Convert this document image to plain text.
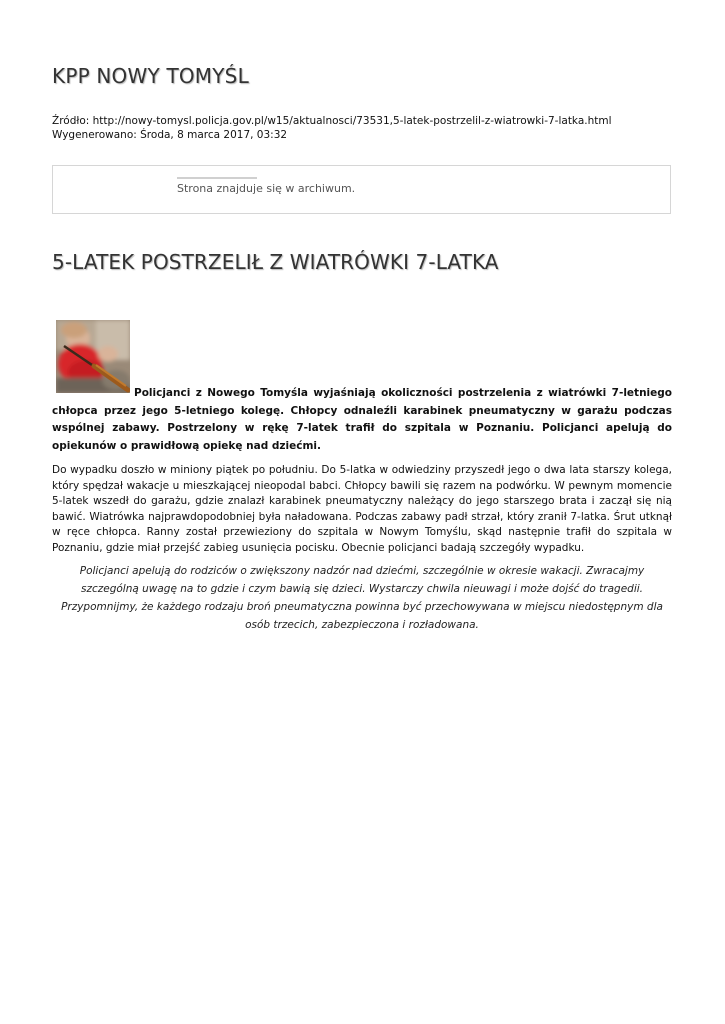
KPP NOWY TOMYŚL
Źródło: http://nowy-tomysl.policja.gov.pl/w15/aktualnosci/73531,5-latek-postrzelil-z-wiatrowki-7-latka.html
Wygenerowano: Środa, 8 marca 2017, 03:32
Strona znajduje się w archiwum.
5-LATEK POSTRZELIŁ Z WIATRÓWKI 7-LATKA

Policjanci z Nowego Tomyśla wyjaśniają okoliczności postrzelenia z wiatrówki 7-letniego chłopca przez jego 5-letniego kolegę. Chłopcy odnaleźli karabinek pneumatyczny w garażu podczas wspólnej zabawy. Postrzelony w rękę 7-latek trafił do szpitala w Poznaniu. Policjanci apelują do opiekunów o prawidłową opiekę nad dziećmi.

Do wypadku doszło w miniony piątek po południu. Do 5-latka w odwiedziny przyszedł jego o dwa lata starszy kolega, który spędzał wakacje u mieszkającej nieopodal babci. Chłopcy bawili się razem na podwórku. W pewnym momencie 5-latek wszedł do garażu, gdzie znalazł karabinek pneumatyczny należący do jego starszego brata i zaczął się nią bawić. Wiatrówka najprawdopodobniej była naładowana. Podczas zabawy padł strzał, który zranił 7-latka. Śrut utknął w ręce chłopca. Ranny został przewieziony do szpitala w Nowym Tomyślu, skąd następnie trafił do szpitala w Poznaniu, gdzie miał przejść zabieg usunięcia pocisku. Obecnie policjanci badają szczegóły wypadku.

Policjanci apelują do rodziców o zwiększony nadzór nad dziećmi, szczególnie w okresie wakacji. Zwracajmy szczególną uwagę na to gdzie i czym bawią się dzieci. Wystarczy chwila nieuwagi i może dojść do tragedii. Przypomnijmy, że każdego rodzaju broń pneumatyczna powinna być przechowywana w miejscu niedostępnym dla osób trzecich, zabezpieczona i rozładowana.
